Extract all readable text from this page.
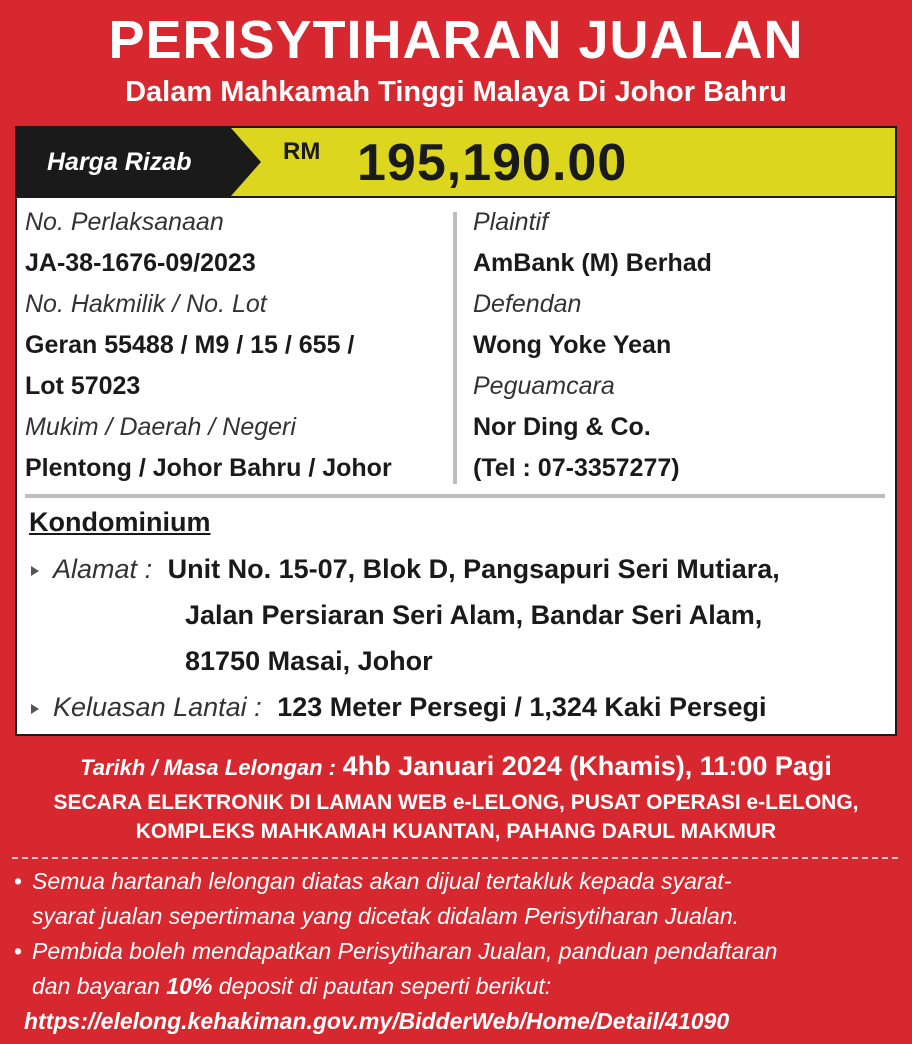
PERISYTIHARAN JUALAN
Dalam Mahkamah Tinggi Malaya Di Johor Bahru
Harga Rizab	RM 195,190.00
No. Perlaksanaan
JA-38-1676-09/2023
No. Hakmilik / No. Lot
Geran 55488 / M9 / 15 / 655 /
Lot 57023
Mukim / Daerah / Negeri
Plentong / Johor Bahru / Johor
Plaintif
AmBank (M) Berhad
Defendan
Wong Yoke Yean
Peguamcara
Nor Ding & Co.
(Tel : 07-3357277)
Kondominium
Alamat : Unit No. 15-07, Blok D, Pangsapuri Seri Mutiara,
Jalan Persiaran Seri Alam, Bandar Seri Alam,
81750 Masai, Johor
Keluasan Lantai : 123 Meter Persegi / 1,324 Kaki Persegi
Tarikh / Masa Lelongan : 4hb Januari 2024 (Khamis), 11:00 Pagi
SECARA ELEKTRONIK DI LAMAN WEB e-LELONG, PUSAT OPERASI e-LELONG,
KOMPLEKS MAHKAMAH KUANTAN, PAHANG DARUL MAKMUR
• Semua hartanah lelongan diatas akan dijual tertakluk kepada syarat-
syarat jualan sepertimana yang dicetak didalam Perisytiharan Jualan.
• Pembida boleh mendapatkan Perisytiharan Jualan, panduan pendaftaran
dan bayaran 10% deposit di pautan seperti berikut:
https://elelong.kehakiman.gov.my/BidderWeb/Home/Detail/41090
